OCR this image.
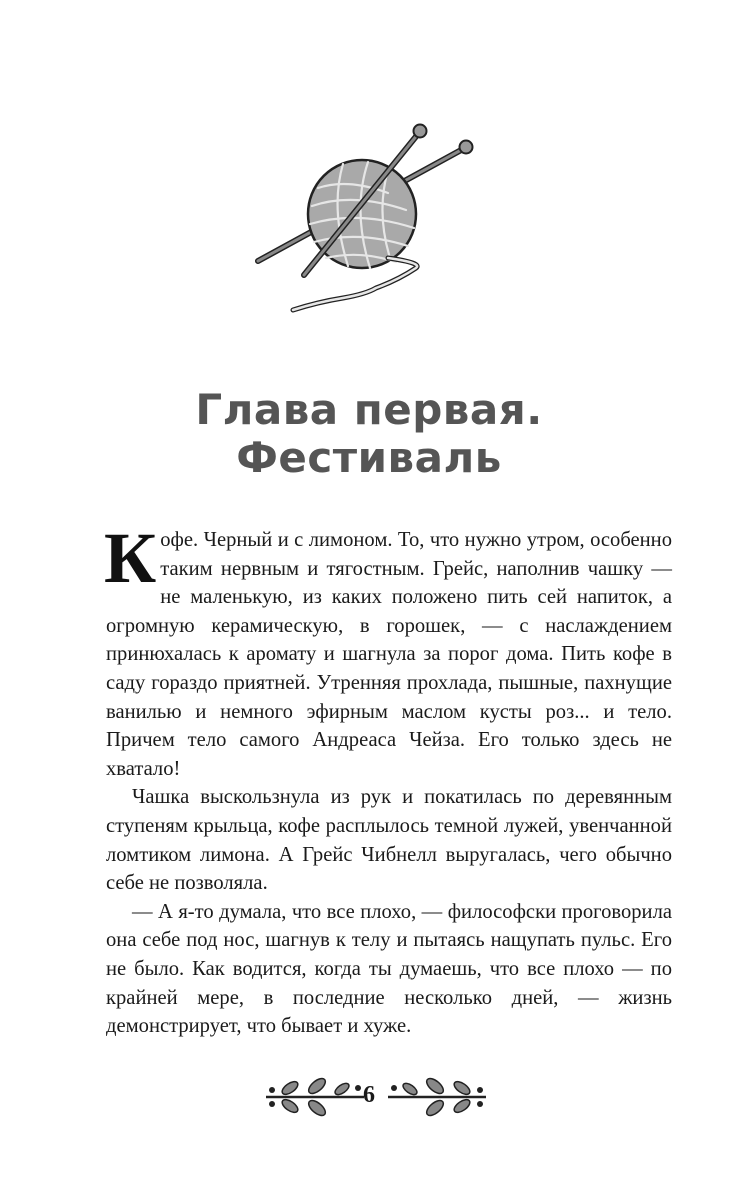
Глава первая.
Фестиваль

Кофе. Черный и с лимоном. То, что нужно утром, особенно таким нервным и тягостным. Грейс, наполнив чашку — не маленькую, из каких положено пить сей напиток, а огромную керамическую, в горошек, — с наслаждением принюхалась к аромату и шагнула за порог дома. Пить кофе в саду гораздо приятней. Утренняя прохлада, пышные, пахнущие ванилью и немного эфирным маслом кусты роз... и тело. Причем тело самого Андреаса Чейза. Его только здесь не хватало!

Чашка выскользнула из рук и покатилась по деревянным ступеням крыльца, кофе расплылось темной лужей, увенчанной ломтиком лимона. А Грейс Чибнелл выругалась, чего обычно себе не позволяла.

— А я-то думала, что все плохо, — философски проговорила она себе под нос, шагнув к телу и пытаясь нащупать пульс. Его не было. Как водится, когда ты думаешь, что все плохо — по крайней мере, в последние несколько дней, — жизнь демонстрирует, что бывает и хуже.

6
